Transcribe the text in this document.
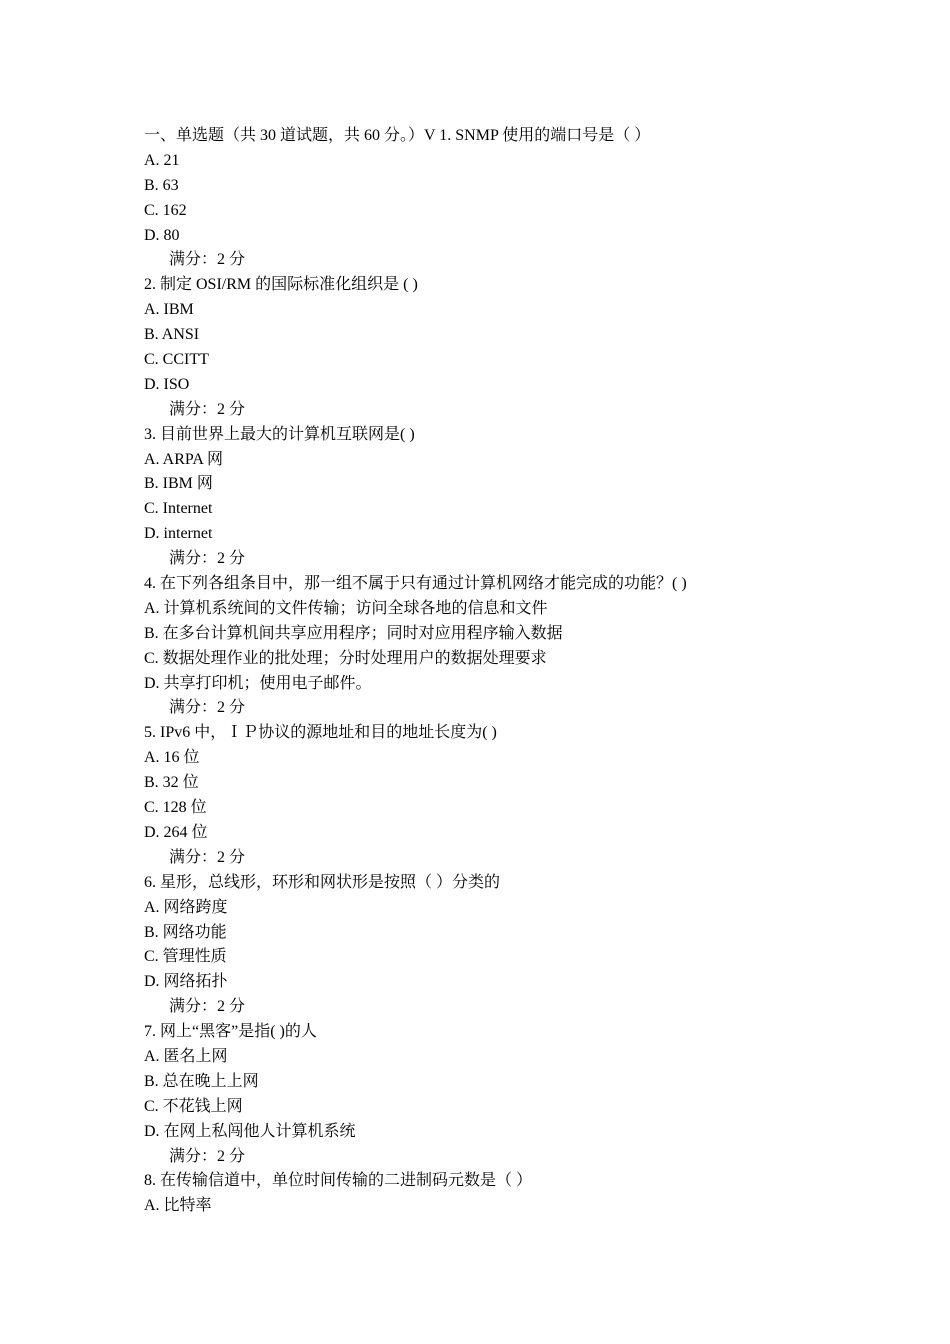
一、单选题（共 30 道试题，共 60 分。）V 1. SNMP 使用的端口号是（ ）
A. 21
B. 63
C. 162
D. 80
满分：2 分
2. 制定 OSI/RM 的国际标准化组织是 ( )
A. IBM
B. ANSI
C. CCITT
D. ISO
满分：2 分
3. 目前世界上最大的计算机互联网是( )
A. ARPA 网
B. IBM 网
C. Internet
D. internet
满分：2 分
4. 在下列各组条目中，那一组不属于只有通过计算机网络才能完成的功能？( )
A. 计算机系统间的文件传输；访问全球各地的信息和文件
B. 在多台计算机间共享应用程序；同时对应用程序输入数据
C. 数据处理作业的批处理；分时处理用户的数据处理要求
D. 共享打印机；使用电子邮件。
满分：2 分
5. IPv6 中，ＩＰ协议的源地址和目的地址长度为( )
A. 16 位
B. 32 位
C. 128 位
D. 264 位
满分：2 分
6. 星形，总线形，环形和网状形是按照（ ）分类的
A. 网络跨度
B. 网络功能
C. 管理性质
D. 网络拓扑
满分：2 分
7. 网上“黑客”是指( )的人
A. 匿名上网
B. 总在晚上上网
C. 不花钱上网
D. 在网上私闯他人计算机系统
满分：2 分
8. 在传输信道中，单位时间传输的二进制码元数是（ ）
A. 比特率
